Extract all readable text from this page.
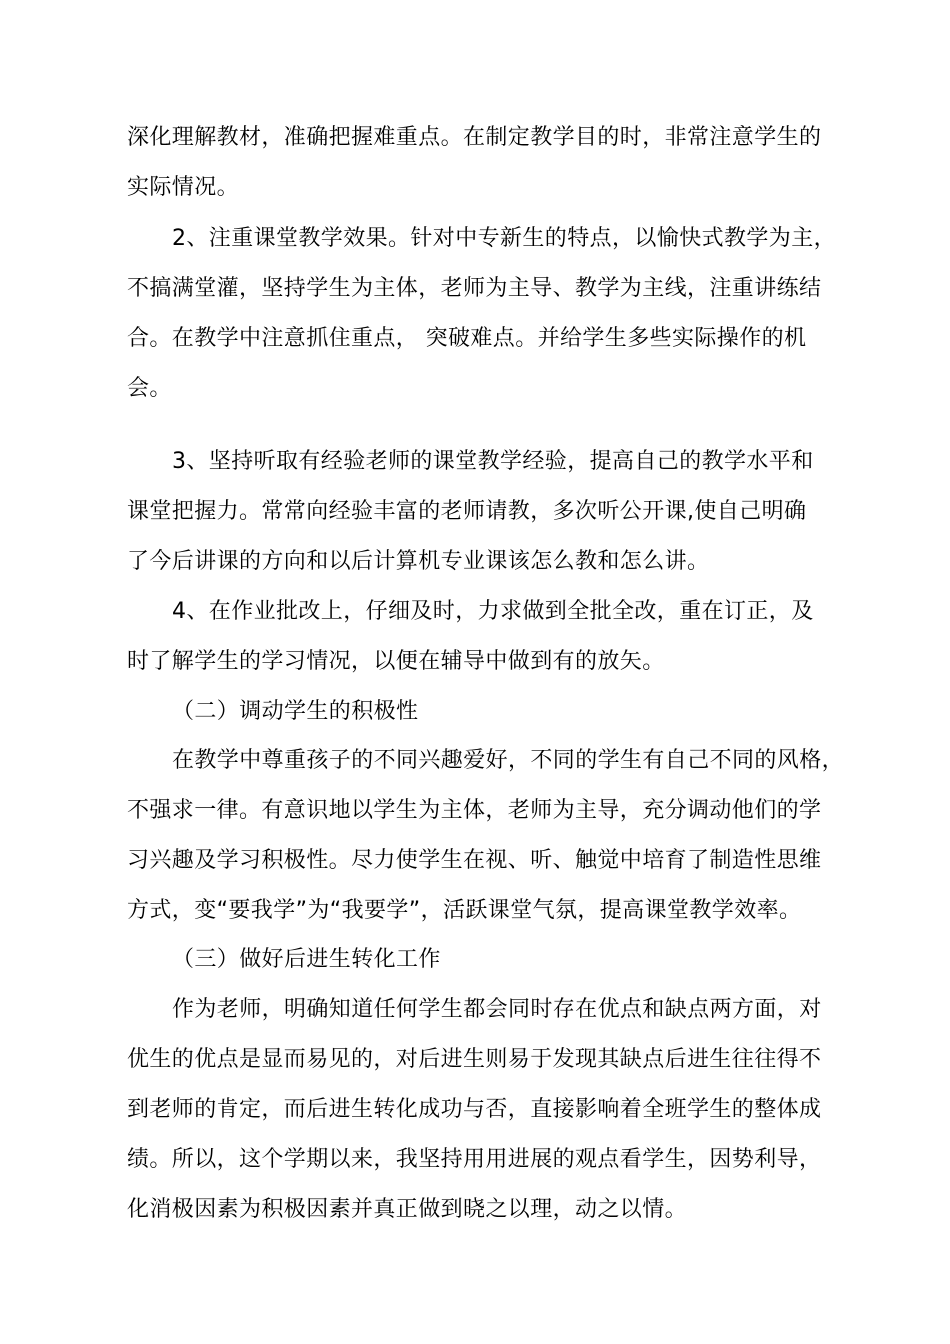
深化理解教材，准确把握难重点。在制定教学目的时，非常注意学生的
实际情况。
2、注重课堂教学效果。针对中专新生的特点，以愉快式教学为主，
不搞满堂灌，坚持学生为主体，老师为主导、教学为主线，注重讲练结
合。在教学中注意抓住重点， 突破难点。并给学生多些实际操作的机
会。
3、坚持听取有经验老师的课堂教学经验，提高自己的教学水平和
课堂把握力。常常向经验丰富的老师请教，多次听公开课,使自己明确
了今后讲课的方向和以后计算机专业课该怎么教和怎么讲。
4、在作业批改上，仔细及时，力求做到全批全改，重在订正，及
时了解学生的学习情况，以便在辅导中做到有的放矢。
（二）调动学生的积极性
在教学中尊重孩子的不同兴趣爱好，不同的学生有自己不同的风格，
不强求一律。有意识地以学生为主体，老师为主导，充分调动他们的学
习兴趣及学习积极性。尽力使学生在视、听、触觉中培育了制造性思维
方式，变“要我学”为“我要学”，活跃课堂气氛，提高课堂教学效率。
（三）做好后进生转化工作
作为老师，明确知道任何学生都会同时存在优点和缺点两方面，对
优生的优点是显而易见的，对后进生则易于发现其缺点后进生往往得不
到老师的肯定，而后进生转化成功与否，直接影响着全班学生的整体成
绩。所以，这个学期以来，我坚持用用进展的观点看学生，因势利导，
化消极因素为积极因素并真正做到晓之以理，动之以情。
